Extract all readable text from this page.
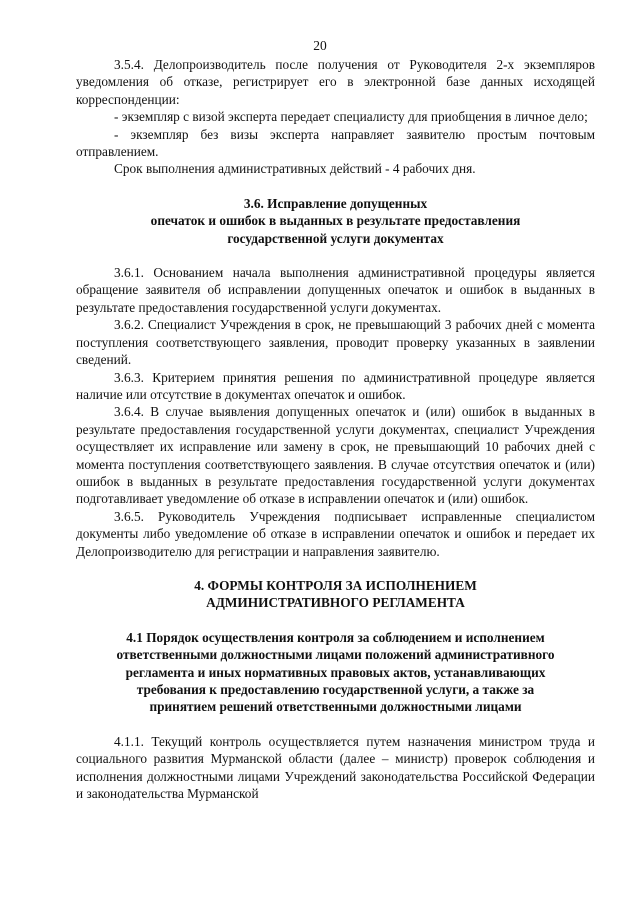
20

3.5.4. Делопроизводитель после получения от Руководителя 2-х экземпляров уведомления об отказе, регистрирует его в электронной базе данных исходящей корреспонденции:

- экземпляр с визой эксперта передает специалисту для приобщения в личное дело;

- экземпляр без визы эксперта направляет заявителю простым почтовым отправлением.

Срок выполнения административных действий - 4 рабочих дня.

3.6. Исправление допущенных
опечаток и ошибок в выданных в результате предоставления
государственной услуги документах

3.6.1. Основанием начала выполнения административной процедуры является обращение заявителя об исправлении допущенных опечаток и ошибок в выданных в результате предоставления государственной услуги документах.

3.6.2. Специалист Учреждения в срок, не превышающий 3 рабочих дней с момента поступления соответствующего заявления, проводит проверку указанных в заявлении сведений.

3.6.3. Критерием принятия решения по административной процедуре является наличие или отсутствие в документах опечаток и ошибок.

3.6.4. В случае выявления допущенных опечаток и (или) ошибок в выданных в результате предоставления государственной услуги документах, специалист Учреждения осуществляет их исправление или замену в срок, не превышающий 10 рабочих дней с момента поступления соответствующего заявления. В случае отсутствия опечаток и (или) ошибок в выданных в результате предоставления государственной услуги документах подготавливает уведомление об отказе в исправлении опечаток и (или) ошибок.

3.6.5. Руководитель Учреждения подписывает исправленные специалистом документы либо уведомление об отказе в исправлении опечаток и ошибок и передает их Делопроизводителю для регистрации и направления заявителю.

4. ФОРМЫ КОНТРОЛЯ ЗА ИСПОЛНЕНИЕМ
АДМИНИСТРАТИВНОГО РЕГЛАМЕНТА
4.1 Порядок осуществления контроля за соблюдением и исполнением
ответственными должностными лицами положений административного
регламента и иных нормативных правовых актов, устанавливающих
требования к предоставлению государственной услуги, а также за
принятием решений ответственными должностными лицами

4.1.1. Текущий контроль осуществляется путем назначения министром труда и социального развития Мурманской области (далее – министр) проверок соблюдения и исполнения должностными лицами Учреждений законодательства Российской Федерации и законодательства Мурманской
